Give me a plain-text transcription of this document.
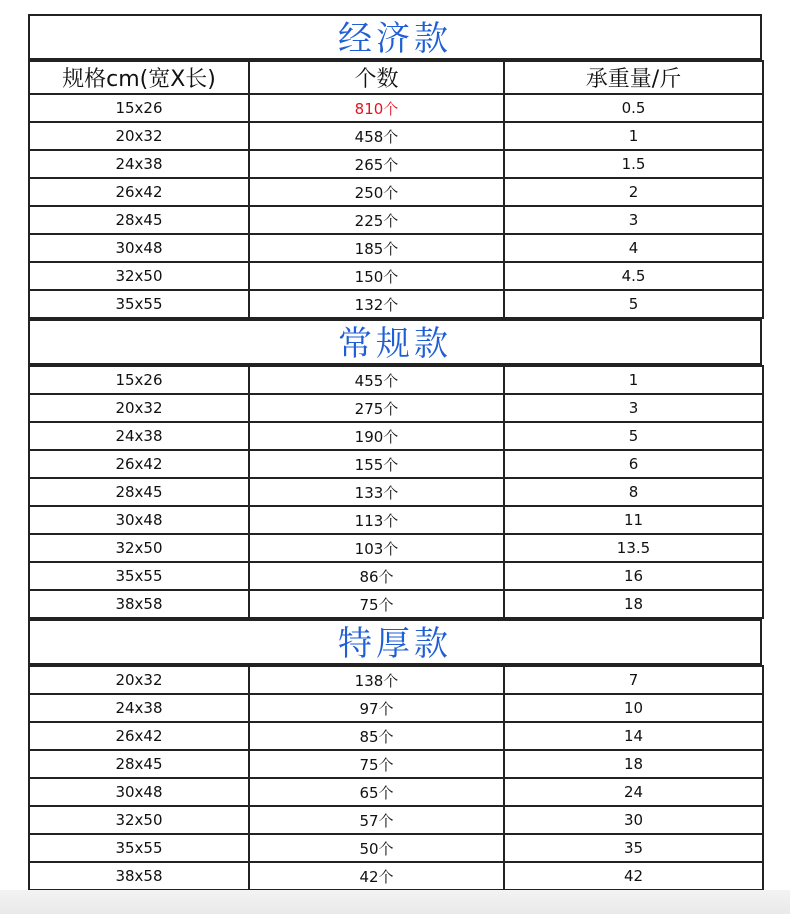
经济款
规格cm(宽X长)	个数	承重量/斤
15x26	810个	0.5
20x32	458个	1
24x38	265个	1.5
26x42	250个	2
28x45	225个	3
30x48	185个	4
32x50	150个	4.5
35x55	132个	5
常规款
15x26	455个	1
20x32	275个	3
24x38	190个	5
26x42	155个	6
28x45	133个	8
30x48	113个	11
32x50	103个	13.5
35x55	86个	16
38x58	75个	18
特厚款
20x32	138个	7
24x38	97个	10
26x42	85个	14
28x45	75个	18
30x48	65个	24
32x50	57个	30
35x55	50个	35
38x58	42个	42
